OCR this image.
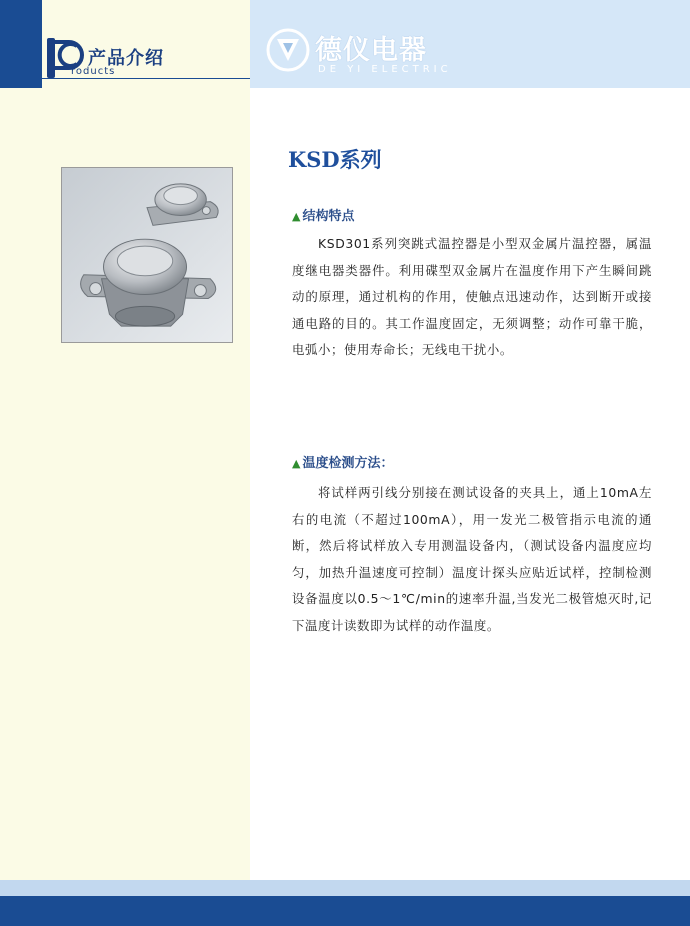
产品介绍
roducts
德仪电器
DE YI ELECTRIC
KSD系列
▲ 结构特点

KSD301系列突跳式温控器是小型双金属片温控器，属温度继电器类器件。利用碟型双金属片在温度作用下产生瞬间跳动的原理，通过机构的作用，使触点迅速动作，达到断开或接通电路的目的。其工作温度固定，无须调整；动作可靠干脆，电弧小；使用寿命长；无线电干扰小。

▲ 温度检测方法：

将试样两引线分别接在测试设备的夹具上，通上10mA左右的电流（不超过100mA），用一发光二极管指示电流的通断，然后将试样放入专用测温设备内，（测试设备内温度应均匀，加热升温速度可控制）温度计探头应贴近试样，控制检测设备温度以0.5～1℃/min的速率升温,当发光二极管熄灭时,记下温度计读数即为试样的动作温度。
